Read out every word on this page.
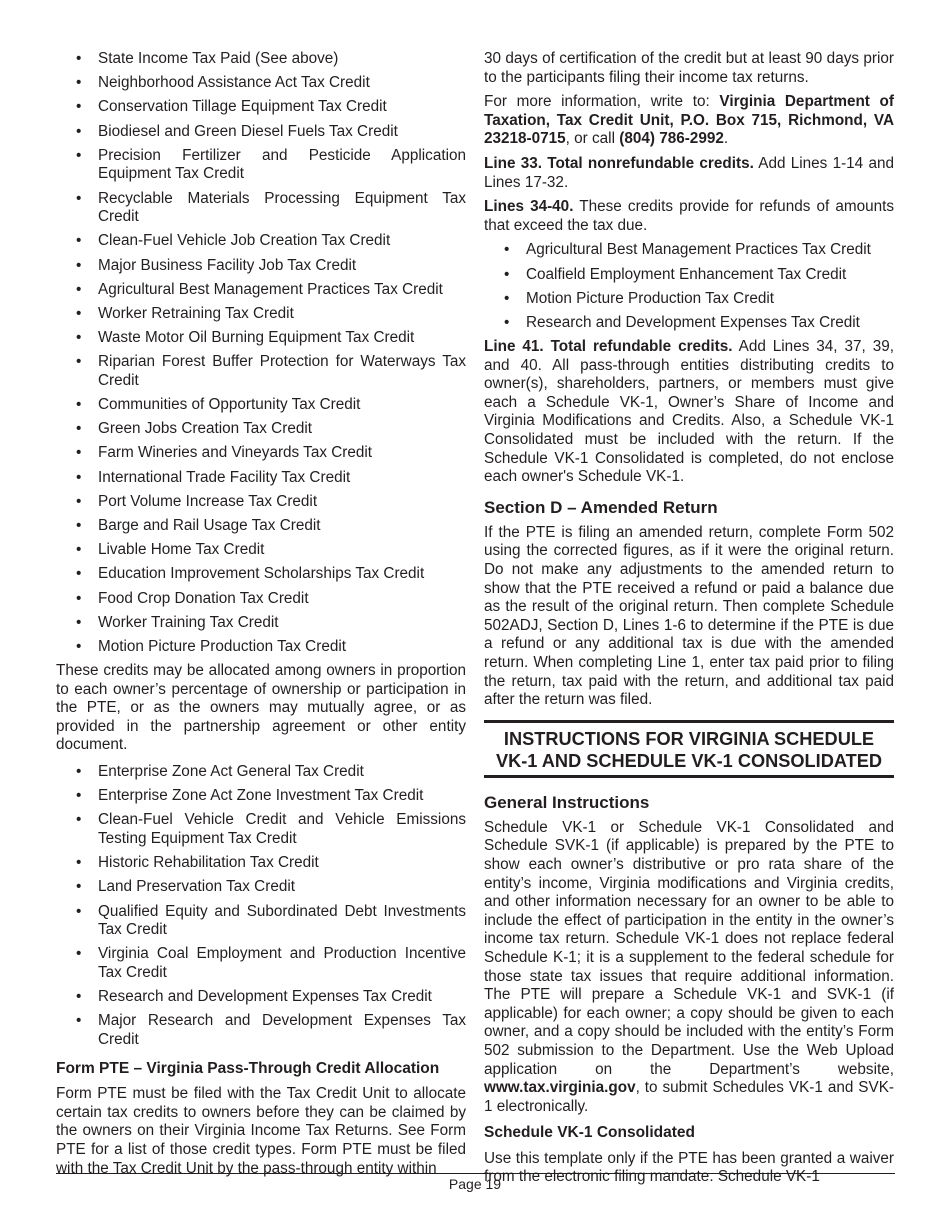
• State Income Tax Paid (See above)
• Neighborhood Assistance Act Tax Credit
• Conservation Tillage Equipment Tax Credit
• Biodiesel and Green Diesel Fuels Tax Credit
• Precision Fertilizer and Pesticide Application Equipment Tax Credit
• Recyclable Materials Processing Equipment Tax Credit
• Clean-Fuel Vehicle Job Creation Tax Credit
• Major Business Facility Job Tax Credit
• Agricultural Best Management Practices Tax Credit
• Worker Retraining Tax Credit
• Waste Motor Oil Burning Equipment Tax Credit
• Riparian Forest Buffer Protection for Waterways Tax Credit
• Communities of Opportunity Tax Credit
• Green Jobs Creation Tax Credit
• Farm Wineries and Vineyards Tax Credit
• International Trade Facility Tax Credit
• Port Volume Increase Tax Credit
• Barge and Rail Usage Tax Credit
• Livable Home Tax Credit
• Education Improvement Scholarships Tax Credit
• Food Crop Donation Tax Credit
• Worker Training Tax Credit
• Motion Picture Production Tax Credit

These credits may be allocated among owners in proportion to each owner’s percentage of ownership or participation in the PTE, or as the owners may mutually agree, or as provided in the partnership agreement or other entity document.

• Enterprise Zone Act General Tax Credit
• Enterprise Zone Act Zone Investment Tax Credit
• Clean-Fuel Vehicle Credit and Vehicle Emissions Testing Equipment Tax Credit
• Historic Rehabilitation Tax Credit
• Land Preservation Tax Credit
• Qualified Equity and Subordinated Debt Investments Tax Credit
• Virginia Coal Employment and Production Incentive Tax Credit
• Research and Development Expenses Tax Credit
• Major Research and Development Expenses Tax Credit
Form PTE – Virginia Pass-Through Credit Allocation

Form PTE must be filed with the Tax Credit Unit to allocate certain tax credits to owners before they can be claimed by the owners on their Virginia Income Tax Returns. See Form PTE for a list of those credit types. Form PTE must be filed with the Tax Credit Unit by the pass-through entity within

30 days of certification of the credit but at least 90 days prior to the participants filing their income tax returns.

For more information, write to: Virginia Department of Taxation, Tax Credit Unit, P.O. Box 715, Richmond, VA 23218-0715, or call (804) 786-2992.

Line 33. Total nonrefundable credits. Add Lines 1-14 and Lines 17-32.

Lines 34-40. These credits provide for refunds of amounts that exceed the tax due.

• Agricultural Best Management Practices Tax Credit
• Coalfield Employment Enhancement Tax Credit
• Motion Picture Production Tax Credit
• Research and Development Expenses Tax Credit

Line 41. Total refundable credits. Add Lines 34, 37, 39, and 40. All pass-through entities distributing credits to owner(s), shareholders, partners, or members must give each a Schedule VK-1, Owner’s Share of Income and Virginia Modifications and Credits. Also, a Schedule VK-1 Consolidated must be included with the return. If the Schedule VK-1 Consolidated is completed, do not enclose each owner's Schedule VK-1.

Section D – Amended Return

If the PTE is filing an amended return, complete Form 502 using the corrected figures, as if it were the original return. Do not make any adjustments to the amended return to show that the PTE received a refund or paid a balance due as the result of the original return. Then complete Schedule 502ADJ, Section D, Lines 1-6 to determine if the PTE is due a refund or any additional tax is due with the amended return. When completing Line 1, enter tax paid prior to filing the return, tax paid with the return, and additional tax paid after the return was filed.

INSTRUCTIONS FOR VIRGINIA SCHEDULE
VK-1 AND SCHEDULE VK-1 CONSOLIDATED
General Instructions

Schedule VK-1 or Schedule VK-1 Consolidated and Schedule SVK-1 (if applicable) is prepared by the PTE to show each owner’s distributive or pro rata share of the entity’s income, Virginia modifications and Virginia credits, and other information necessary for an owner to be able to include the effect of participation in the entity in the owner’s income tax return. Schedule VK-1 does not replace federal Schedule K-1; it is a supplement to the federal schedule for those state tax issues that require additional information. The PTE will prepare a Schedule VK-1 and SVK-1 (if applicable) for each owner; a copy should be given to each owner, and a copy should be included with the entity’s Form 502 submission to the Department. Use the Web Upload application on the Department’s website, www.tax.virginia.gov, to submit Schedules VK-1 and SVK-1 electronically.

Schedule VK-1 Consolidated

Use this template only if the PTE has been granted a waiver from the electronic filing mandate. Schedule VK-1

Page 19
